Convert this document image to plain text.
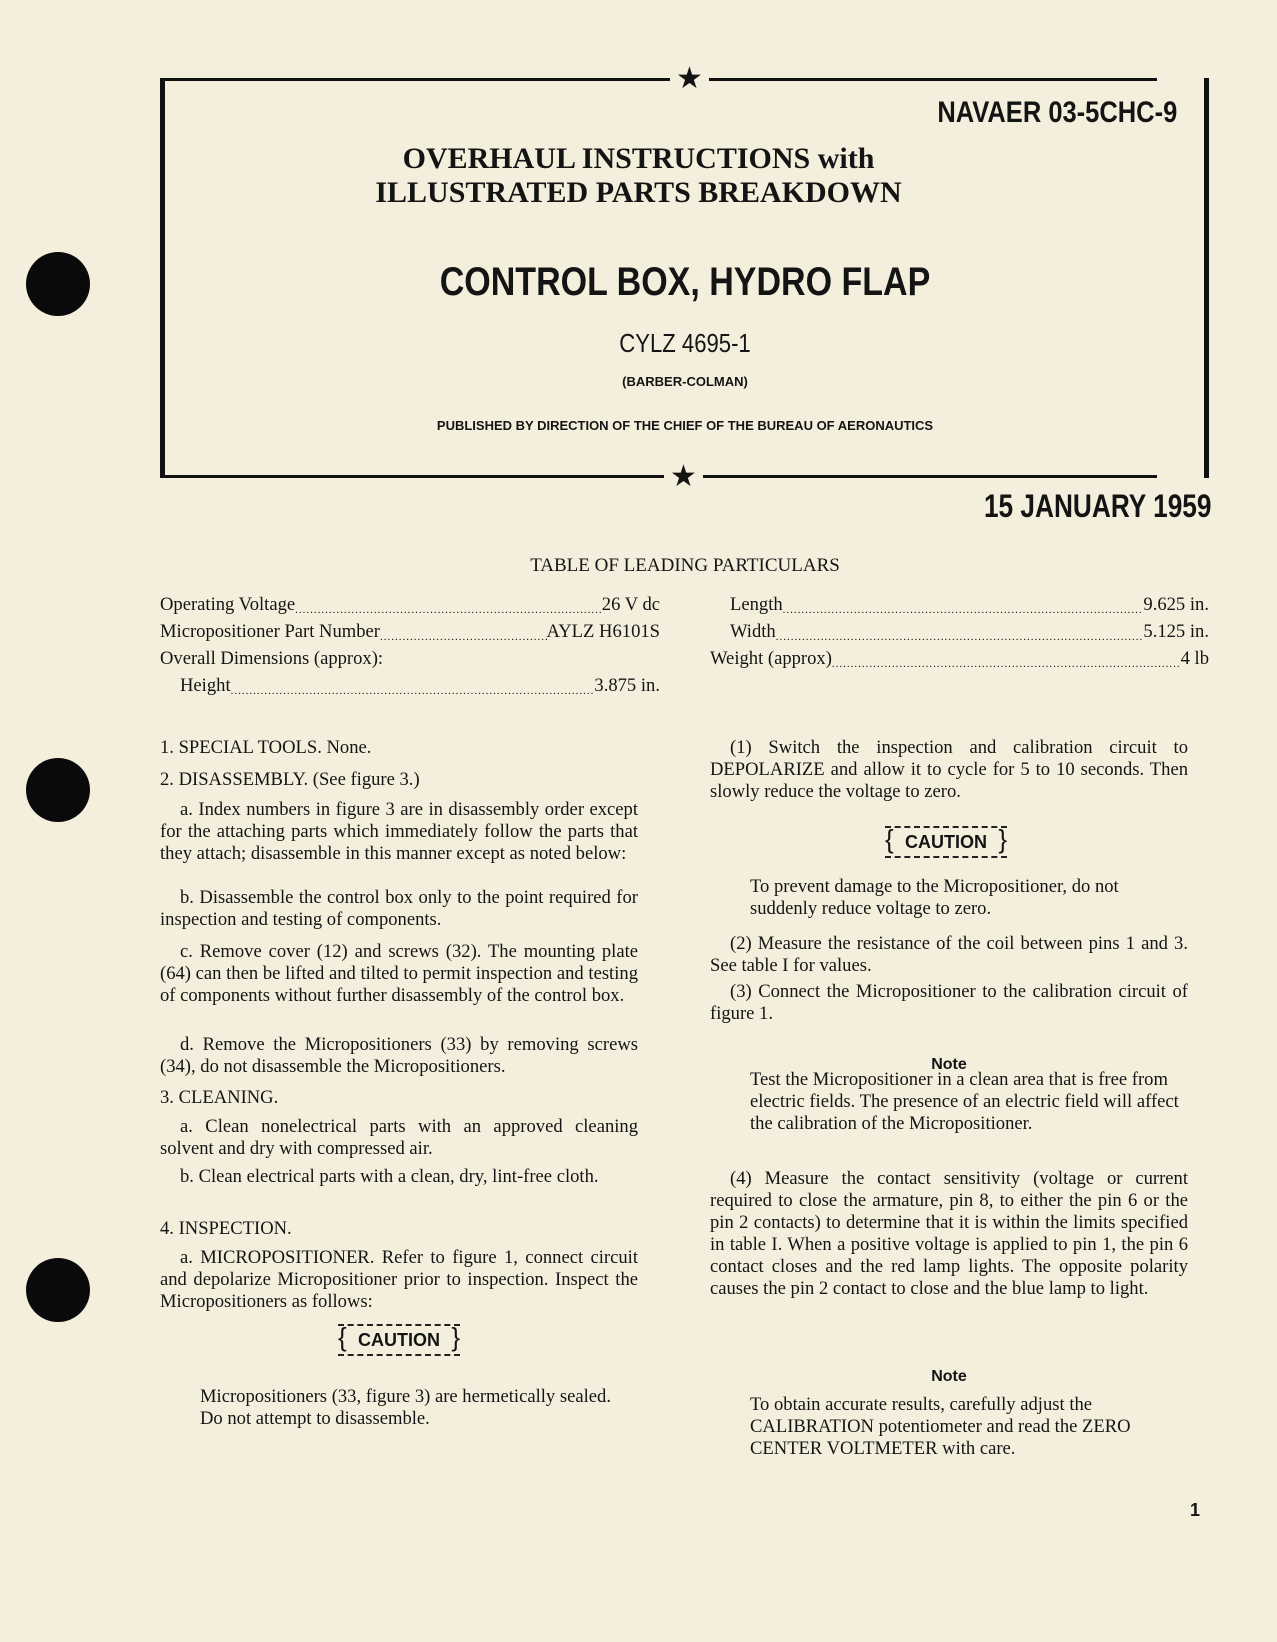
★
★
NAVAER 03-5CHC-9
OVERHAUL INSTRUCTIONS with
ILLUSTRATED PARTS BREAKDOWN
CONTROL BOX, HYDRO FLAP
CYLZ 4695-1
(BARBER-COLMAN)
PUBLISHED BY DIRECTION OF THE CHIEF OF THE BUREAU OF AERONAUTICS
15 JANUARY 1959
TABLE OF LEADING PARTICULARS
Operating Voltage .....	26 V dc
Micropositioner Part Number .....	AYLZ H6101S
Overall Dimensions (approx):
Height .....	3.875 in.
Length .....	9.625 in.
Width .....	5.125 in.
Weight (approx) .....	4 lb
1. SPECIAL TOOLS. None.
2. DISASSEMBLY. (See figure 3.)
a. Index numbers in figure 3 are in disassembly order except for the attaching parts which immediately follow the parts that they attach; disassemble in this manner except as noted below:
b. Disassemble the control box only to the point required for inspection and testing of components.
c. Remove cover (12) and screws (32). The mounting plate (64) can then be lifted and tilted to permit inspection and testing of components without further disassembly of the control box.
d. Remove the Micropositioners (33) by removing screws (34), do not disassemble the Micropositioners.
3. CLEANING.
a. Clean nonelectrical parts with an approved cleaning solvent and dry with compressed air.
b. Clean electrical parts with a clean, dry, lint-free cloth.
4. INSPECTION.
a. MICROPOSITIONER. Refer to figure 1, connect circuit and depolarize Micropositioner prior to inspection. Inspect the Micropositioners as follows:
{ CAUTION }
Micropositioners (33, figure 3) are hermetically sealed. Do not attempt to disassemble.
(1) Switch the inspection and calibration circuit to DEPOLARIZE and allow it to cycle for 5 to 10 seconds. Then slowly reduce the voltage to zero.
{ CAUTION }
To prevent damage to the Micropositioner, do not suddenly reduce voltage to zero.
(2) Measure the resistance of the coil between pins 1 and 3. See table I for values.
(3) Connect the Micropositioner to the calibration circuit of figure 1.
Note
Test the Micropositioner in a clean area that is free from electric fields. The presence of an electric field will affect the calibration of the Micropositioner.
(4) Measure the contact sensitivity (voltage or current required to close the armature, pin 8, to either the pin 6 or the pin 2 contacts) to determine that it is within the limits specified in table I. When a positive voltage is applied to pin 1, the pin 6 contact closes and the red lamp lights. The opposite polarity causes the pin 2 contact to close and the blue lamp to light.
Note
To obtain accurate results, carefully adjust the CALIBRATION potentiometer and read the ZERO CENTER VOLTMETER with care.
1
